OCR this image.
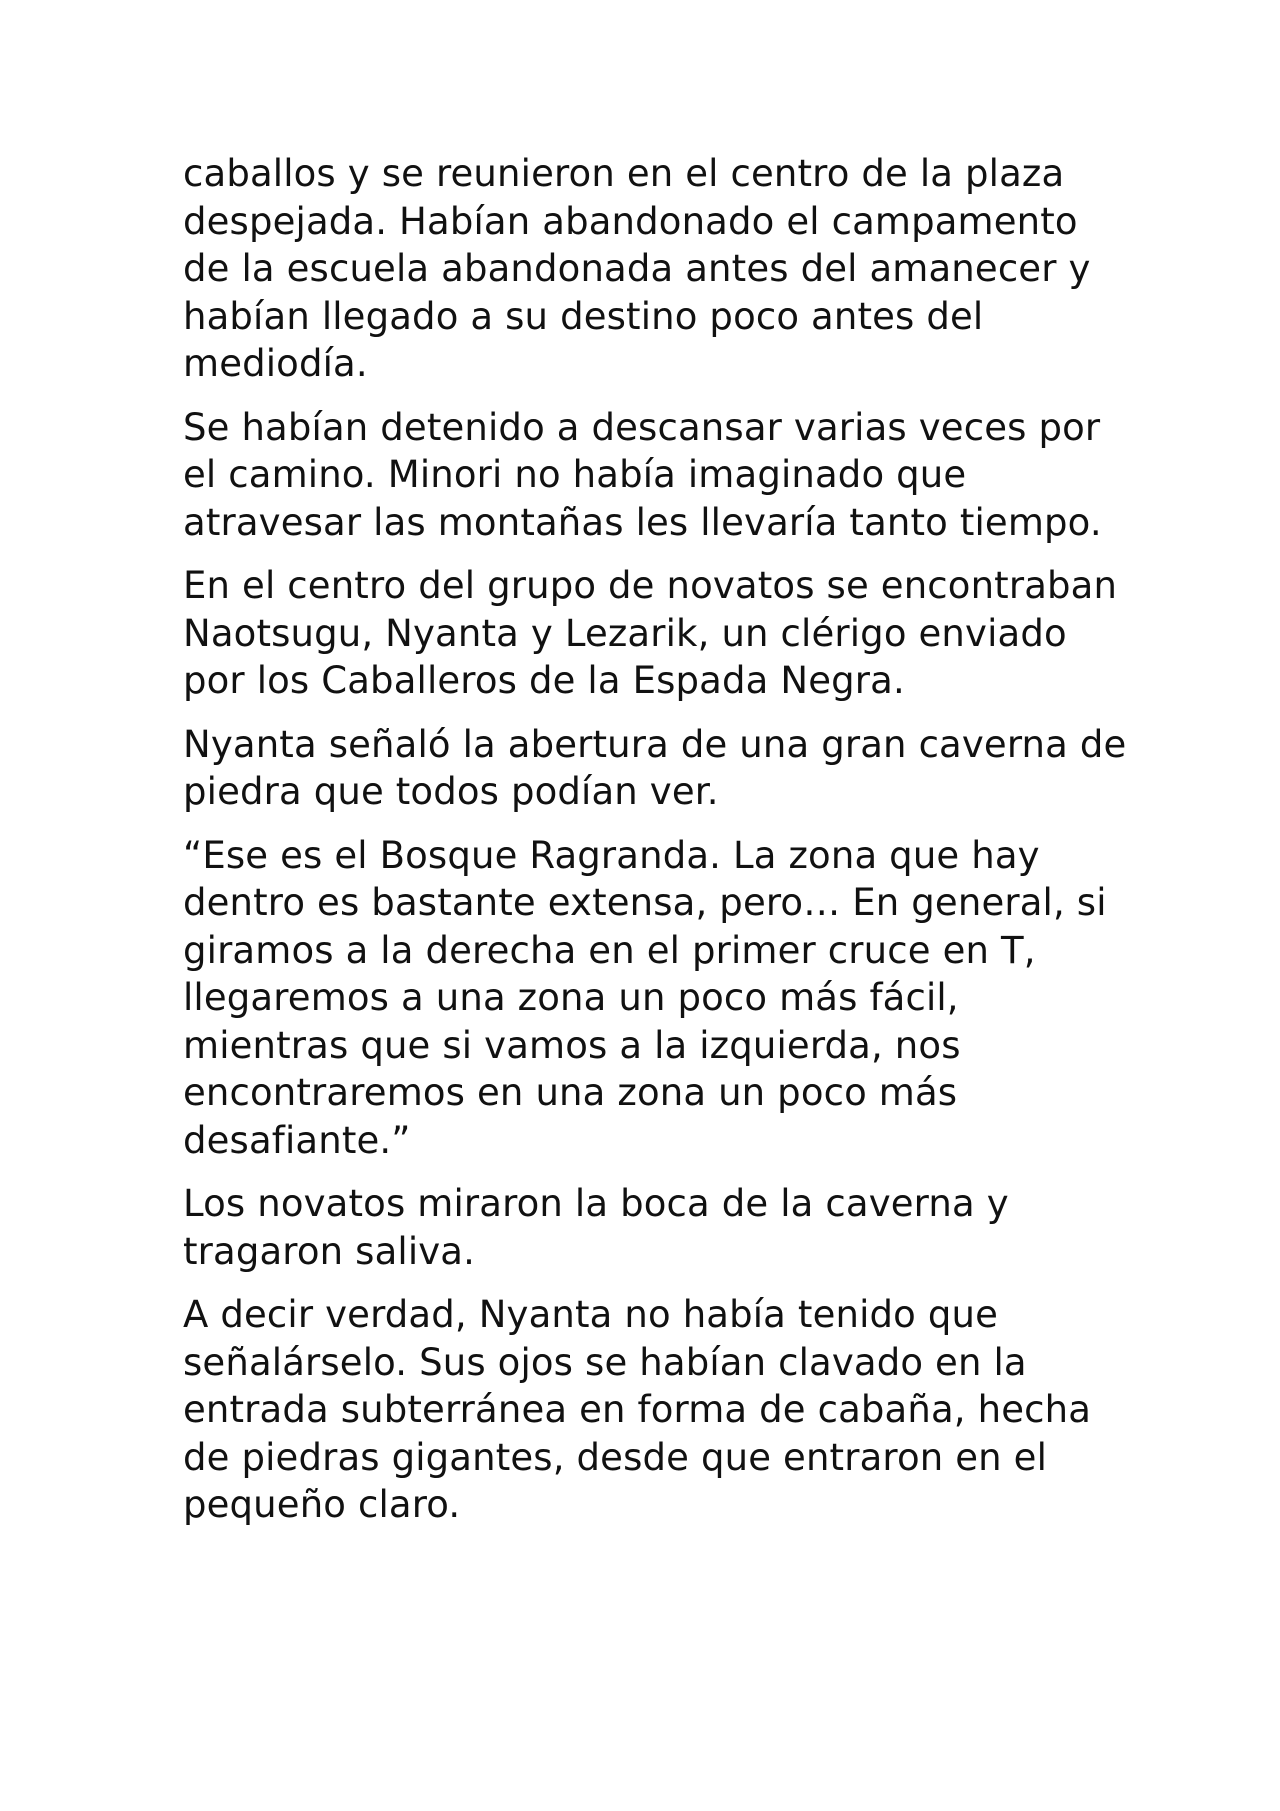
caballos y se reunieron en el centro de la plaza despejada. Habían abandonado el campamento de la escuela abandonada antes del amanecer y habían llegado a su destino poco antes del mediodía.

Se habían detenido a descansar varias veces por el camino. Minori no había imaginado que atravesar las montañas les llevaría tanto tiempo.

En el centro del grupo de novatos se encontraban Naotsugu, Nyanta y Lezarik, un clérigo enviado por los Caballeros de la Espada Negra.

Nyanta señaló la abertura de una gran caverna de piedra que todos podían ver.

“Ese es el Bosque Ragranda. La zona que hay dentro es bastante extensa, pero… En general, si giramos a la derecha en el primer cruce en T, llegaremos a una zona un poco más fácil, mientras que si vamos a la izquierda, nos encontraremos en una zona un poco más desafiante.”

Los novatos miraron la boca de la caverna y tragaron saliva.

A decir verdad, Nyanta no había tenido que señalárselo. Sus ojos se habían clavado en la entrada subterránea en forma de cabaña, hecha de piedras gigantes, desde que entraron en el pequeño claro.
